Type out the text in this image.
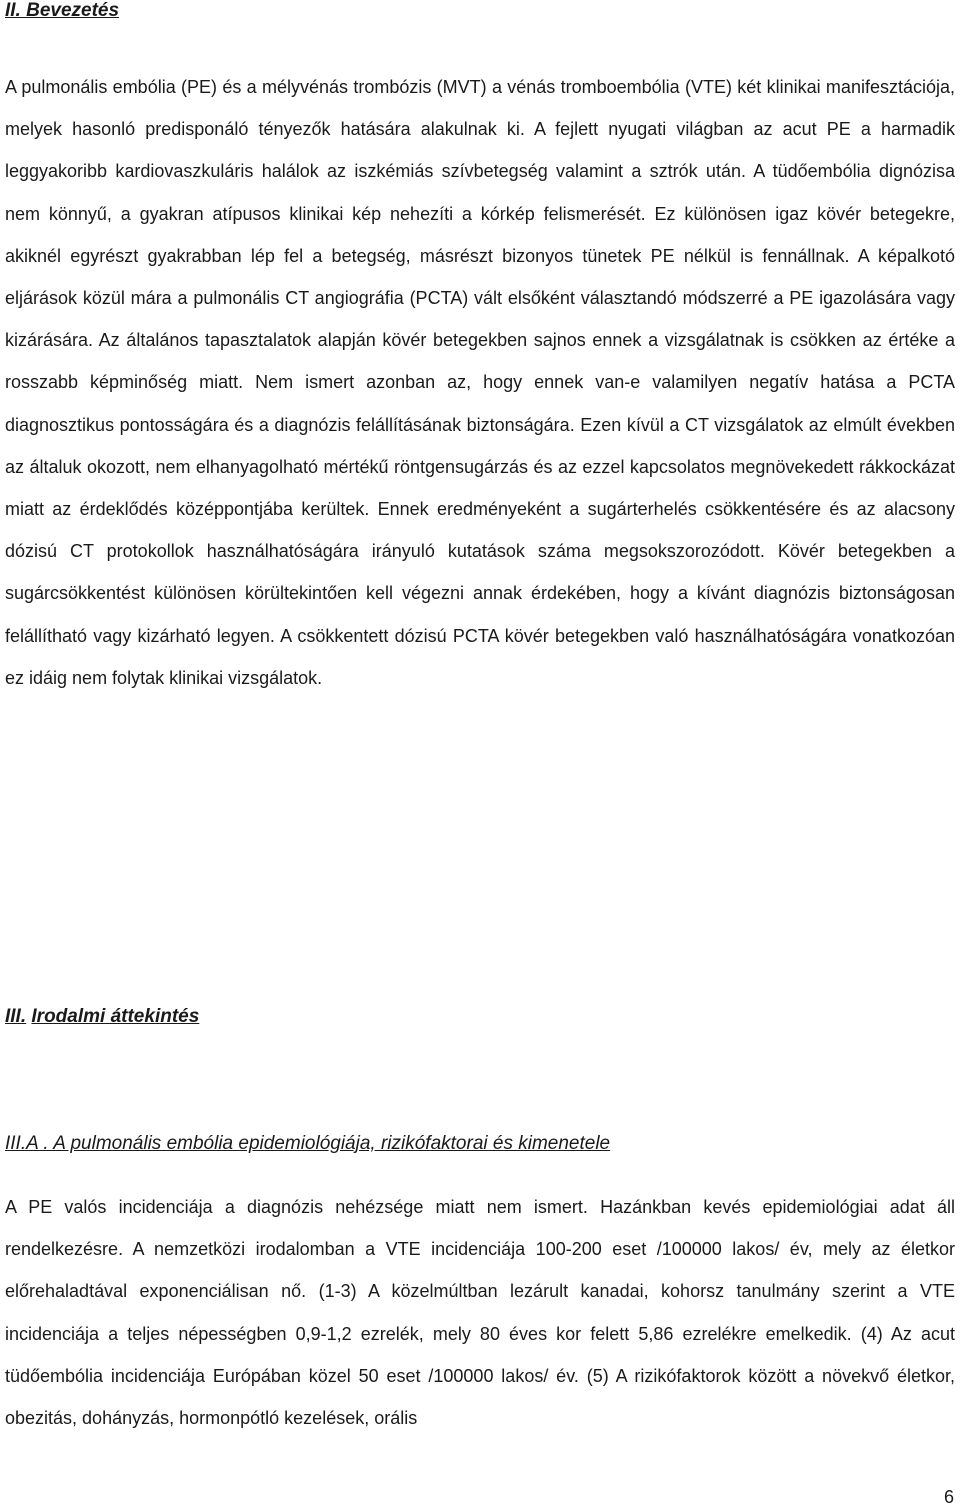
II. Bevezetés

A pulmonális embólia (PE) és a mélyvénás trombózis (MVT) a vénás tromboembólia (VTE) két klinikai manifesztációja, melyek hasonló predisponáló tényezők hatására alakulnak ki. A fejlett nyugati világban az acut PE a harmadik leggyakoribb kardiovaszkuláris halálok az iszkémiás szívbetegség valamint a sztrók után. A tüdőembólia dignózisa nem könnyű, a gyakran atípusos klinikai kép nehezíti a kórkép felismerését. Ez különösen igaz kövér betegekre, akiknél egyrészt gyakrabban lép fel a betegség, másrészt bizonyos tünetek PE nélkül is fennállnak. A képalkotó eljárások közül mára a pulmonális CT angiográfia (PCTA) vált elsőként választandó módszerré a PE igazolására vagy kizárására. Az általános tapasztalatok alapján kövér betegekben sajnos ennek a vizsgálatnak is csökken az értéke a rosszabb képminőség miatt. Nem ismert azonban az, hogy ennek van-e valamilyen negatív hatása a PCTA diagnosztikus pontosságára és a diagnózis felállításának biztonságára. Ezen kívül a CT vizsgálatok az elmúlt években az általuk okozott, nem elhanyagolható mértékű röntgensugárzás és az ezzel kapcsolatos megnövekedett rákkockázat miatt az érdeklődés középpontjába kerültek. Ennek eredményeként a sugárterhelés csökkentésére és az alacsony dózisú CT protokollok használhatóságára irányuló kutatások száma megsokszorozódott. Kövér betegekben a sugárcsökkentést különösen körültekintően kell végezni annak érdekében, hogy a kívánt diagnózis biztonságosan felállítható vagy kizárható legyen. A csökkentett dózisú PCTA kövér betegekben való használhatóságára vonatkozóan ez idáig nem folytak klinikai vizsgálatok.

III. Irodalmi áttekintés
III.A . A pulmonális embólia epidemiológiája, rizikófaktorai és kimenetele

A PE valós incidenciája a diagnózis nehézsége miatt nem ismert. Hazánkban kevés epidemiológiai adat áll rendelkezésre. A nemzetközi irodalomban a VTE incidenciája 100-200 eset /100000 lakos/ év, mely az életkor előrehaladtával exponenciálisan nő. (1-3) A közelmúltban lezárult kanadai, kohorsz tanulmány szerint a VTE incidenciája a teljes népességben 0,9-1,2 ezrelék, mely 80 éves kor felett 5,86 ezrelékre emelkedik. (4) Az acut tüdőembólia incidenciája Európában közel 50 eset /100000 lakos/ év. (5) A rizikófaktorok között a növekvő életkor, obezitás, dohányzás, hormonpótló kezelések, orális

6
